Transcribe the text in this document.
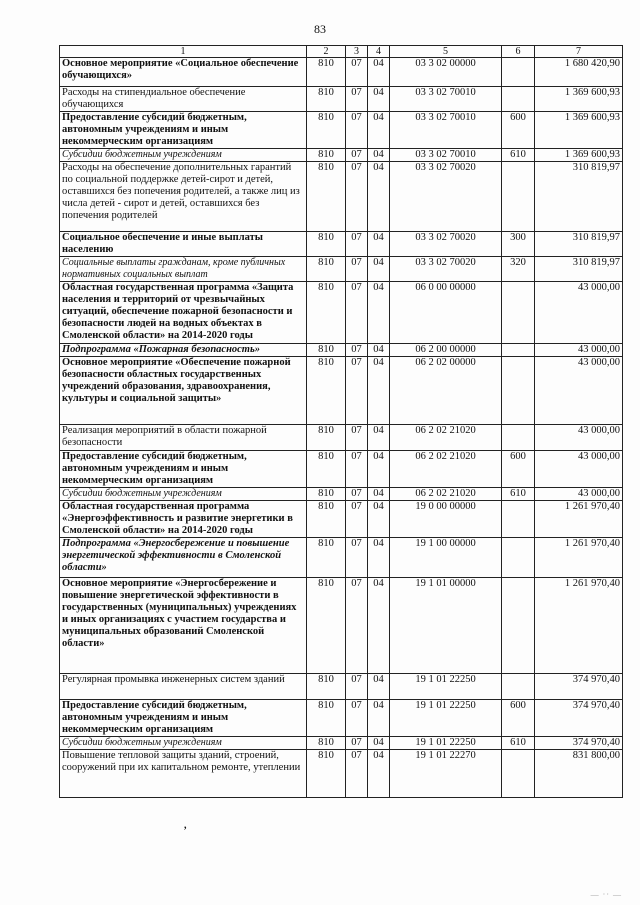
83
1	2	3	4	5	6	7
Основное мероприятие «Социальное обеспечение обучающихся»	810	07	04	03 3 02 00000		1 680 420,90
Расходы на стипендиальное обеспечение обучающихся	810	07	04	03 3 02 70010		1 369 600,93
Предоставление субсидий бюджетным, автономным учреждениям и иным некоммерческим организациям	810	07	04	03 3 02 70010	600	1 369 600,93
Субсидии бюджетным учреждениям	810	07	04	03 3 02 70010	610	1 369 600,93
Расходы на обеспечение дополнительных гарантий по социальной поддержке детей-сирот и детей, оставшихся без попечения родителей, а также лиц из числа детей - сирот и детей, оставшихся без попечения родителей	810	07	04	03 3 02 70020		310 819,97
Социальное обеспечение и иные выплаты населению	810	07	04	03 3 02 70020	300	310 819,97
Социальные выплаты гражданам, кроме публичных нормативных социальных выплат	810	07	04	03 3 02 70020	320	310 819,97
Областная государственная программа «Защита населения и территорий от чрезвычайных ситуаций, обеспечение пожарной безопасности и безопасности людей на водных объектах в Смоленской области» на 2014-2020 годы	810	07	04	06 0 00 00000		43 000,00
Подпрограмма «Пожарная безопасность»	810	07	04	06 2 00 00000		43 000,00
Основное мероприятие «Обеспечение пожарной безопасности областных государственных учреждений образования, здравоохранения, культуры и социальной защиты»	810	07	04	06 2 02 00000		43 000,00
Реализация мероприятий в области пожарной безопасности	810	07	04	06 2 02 21020		43 000,00
Предоставление субсидий бюджетным, автономным учреждениям и иным некоммерческим организациям	810	07	04	06 2 02 21020	600	43 000,00
Субсидии бюджетным учреждениям	810	07	04	06 2 02 21020	610	43 000,00
Областная государственная программа «Энергоэффективность и развитие энергетики в Смоленской области» на 2014-2020 годы	810	07	04	19 0 00 00000		1 261 970,40
Подпрограмма «Энергосбережение и повышение энергетической эффективности в Смоленской области»	810	07	04	19 1 00 00000		1 261 970,40
Основное мероприятие «Энергосбережение и повышение энергетической эффективности в государственных (муниципальных) учреждениях и иных организациях с участием государства и муниципальных образований Смоленской области»	810	07	04	19 1 01 00000		1 261 970,40
Регулярная промывка инженерных систем зданий	810	07	04	19 1 01 22250		374 970,40
Предоставление субсидий бюджетным, автономным учреждениям и иным некоммерческим организациям	810	07	04	19 1 01 22250	600	374 970,40
Субсидии бюджетным учреждениям	810	07	04	19 1 01 22250	610	374 970,40
Повышение тепловой защиты зданий, строений, сооружений при их капитальном ремонте, утеплении	810	07	04	19 1 01 22270		831 800,00
,
— ·· —
